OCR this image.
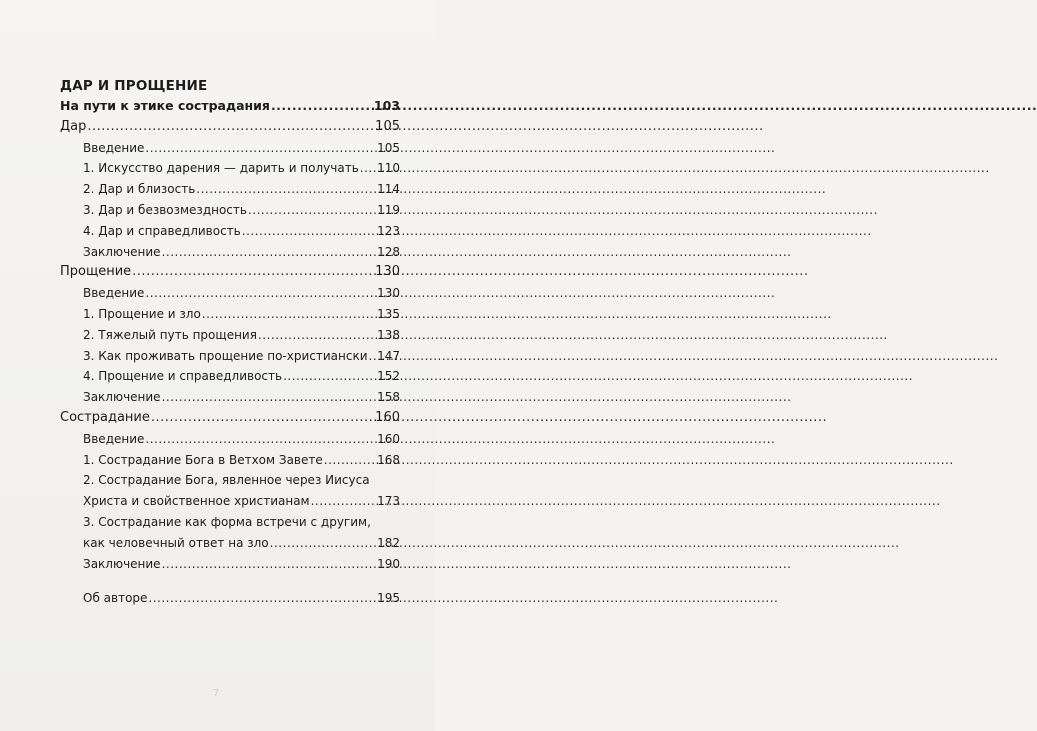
ДАР И ПРОЩЕНИЕ
На пути к этике сострадания .....	103
Дар .....	105
Введение .....	105
1. Искусство дарения — дарить и получать ..... 110
2. Дар и близость .....	114
3. Дар и безвозмездность .....	119
4. Дар и справедливость .....	123
Заключение .....	128
Прощение .....	130
Введение .....	130
1. Прощение и зло .....	135
2. Тяжелый путь прощения .....	138
3. Как проживать прощение по-христиански ..... 147
4. Прощение и справедливость .....	152
Заключение .....	158
Сострадание .....	160
Введение .....	160
1. Сострадание Бога в Ветхом Завете .....	168
2. Сострадание Бога, явленное через Иисуса
Христа и свойственное христианам .....	173
3. Сострадание как форма встречи с другим,
как человечный ответ на зло .....	182
Заключение .....	190
Об авторе .....	195
7
